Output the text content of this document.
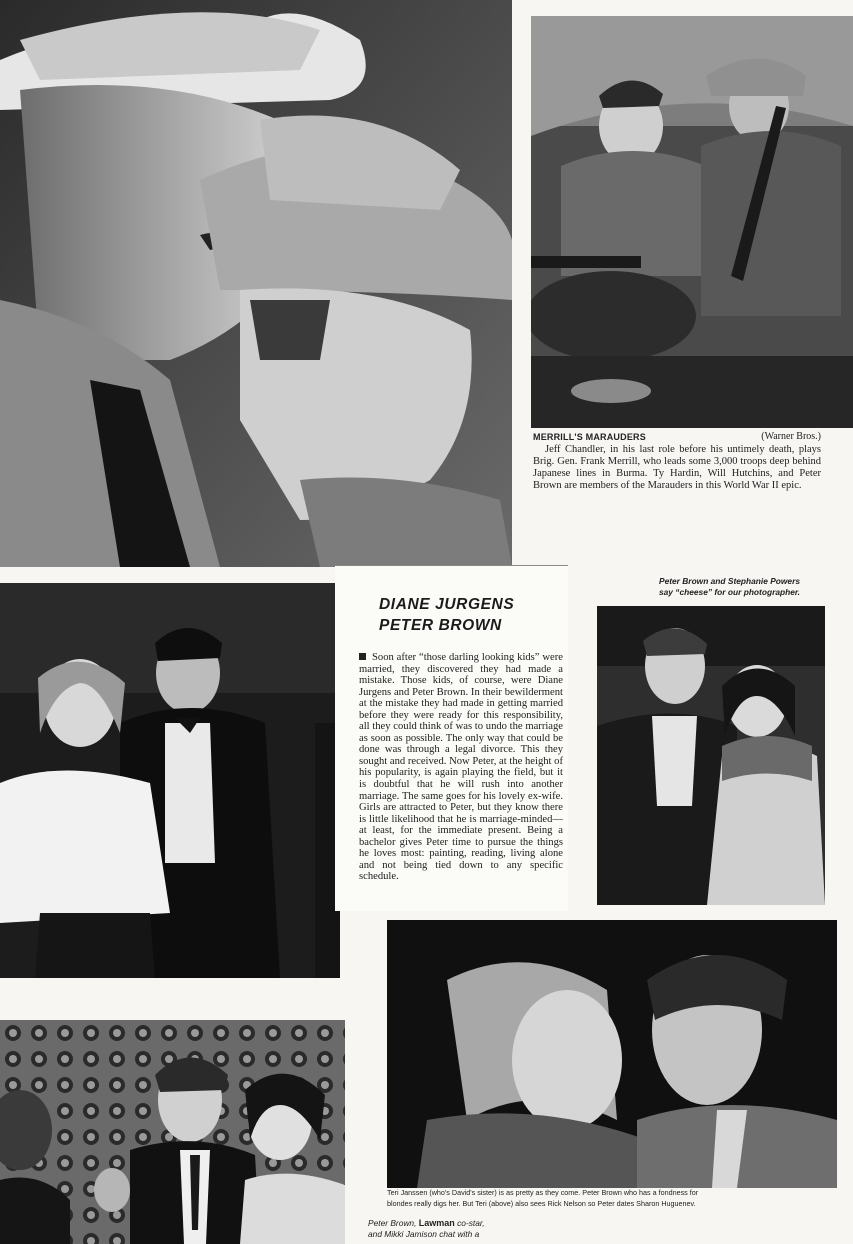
MERRILL'S MARAUDERS	(Warner Bros.)
Jeff Chandler, in his last role before his untimely death, plays Brig. Gen. Frank Merrill, who leads some 3,000 troops deep behind Japanese lines in Burma. Ty Hardin, Will Hutchins, and Peter Brown are members of the Marauders in this World War II epic.
DIANE JURGENS
PETER BROWN
Soon after “those darling looking kids” were married, they discovered they had made a mistake. Those kids, of course, were Diane Jurgens and Peter Brown. In their bewilderment at the mistake they had made in getting married before they were ready for this responsibility, all they could think of was to undo the marriage as soon as possible. The only way that could be done was through a legal divorce. This they sought and received. Now Peter, at the height of his popularity, is again playing the field, but it is doubtful that he will rush into another marriage. The same goes for his lovely ex-wife. Girls are attracted to Peter, but they know there is little likelihood that he is marriage-minded—at least, for the immediate present. Being a bachelor gives Peter time to pursue the things he loves most: painting, reading, living alone and not being tied down to any specific schedule.
Peter Brown and Stephanie Powers
say “cheese” for our photographer.
Teri Janssen (who's David's sister) is as pretty as they come. Peter Brown who has a fondness for
blondes really digs her. But Teri (above) also sees Rick Nelson so Peter dates Sharon Huguenev.
Peter Brown, Lawman co-star,
and Mikki Jamison chat with a
